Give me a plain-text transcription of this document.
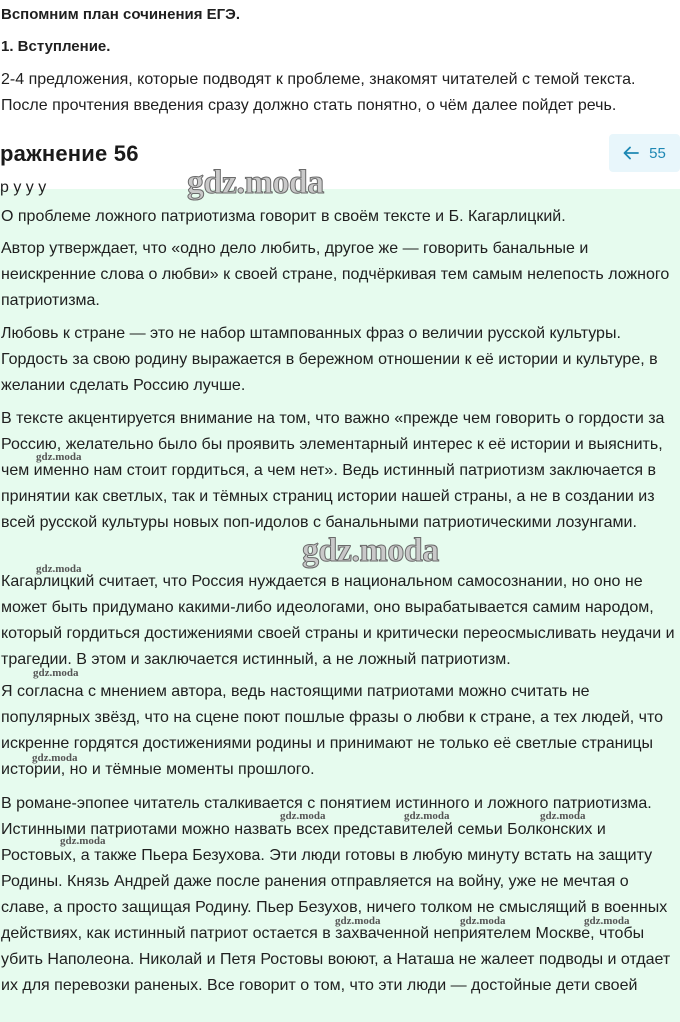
Вспомним план сочинения ЕГЭ.

1. Вступление.

2-4 предложения, которые подводят к проблеме, знакомят читателей с темой текста. После прочтения введения сразу должно стать понятно, о чём далее пойдет речь.

ражнение 56	55
р у у у

О проблеме ложного патриотизма говорит в своём тексте и Б. Кагарлицкий.

Автор утверждает, что «одно дело любить, другое же — говорить банальные и неискренние слова о любви» к своей стране, подчёркивая тем самым нелепость ложного патриотизма.

Любовь к стране — это не набор штампованных фраз о величии русской культуры. Гордость за свою родину выражается в бережном отношении к её истории и культуре, в желании сделать Россию лучше.

В тексте акцентируется внимание на том, что важно «прежде чем говорить о гордости за Россию, желательно было бы проявить элементарный интерес к её истории и выяснить, чем именно нам стоит гордиться, а чем нет». Ведь истинный патриотизм заключается в принятии как светлых, так и тёмных страниц истории нашей страны, а не в создании из всей русской культуры новых поп-идолов с банальными патриотическими лозунгами.

Кагарлицкий считает, что Россия нуждается в национальном самосознании, но оно не может быть придумано какими-либо идеологами, оно вырабатывается самим народом, который гордиться достижениями своей страны и критически переосмысливать неудачи и трагедии. В этом и заключается истинный, а не ложный патриотизм.

Я согласна с мнением автора, ведь настоящими патриотами можно считать не популярных звёзд, что на сцене поют пошлые фразы о любви к стране, а тех людей, что искренне гордятся достижениями родины и принимают не только её светлые страницы истории, но и тёмные моменты прошлого.

В романе-эпопее читатель сталкивается с понятием истинного и ложного патриотизма. Истинными патриотами можно назвать всех представителей семьи Болконских и Ростовых, а также Пьера Безухова. Эти люди готовы в любую минуту встать на защиту Родины. Князь Андрей даже после ранения отправляется на войну, уже не мечтая о славе, а просто защищая Родину. Пьер Безухов, ничего толком не смыслящий в военных действиях, как истинный патриот остается в захваченной неприятелем Москве, чтобы убить Наполеона. Николай и Петя Ростовы воюют, а Наташа не жалеет подводы и отдает их для перевозки раненых. Все говорит о том, что эти люди — достойные дети своей

gdz.moda
gdz.moda
gdz.moda
gdz.moda
gdz.moda
gdz.moda
gdz.moda
gdz.moda
gdz.moda	gdz.moda
gdz.moda	gdz.moda	gdz.moda
